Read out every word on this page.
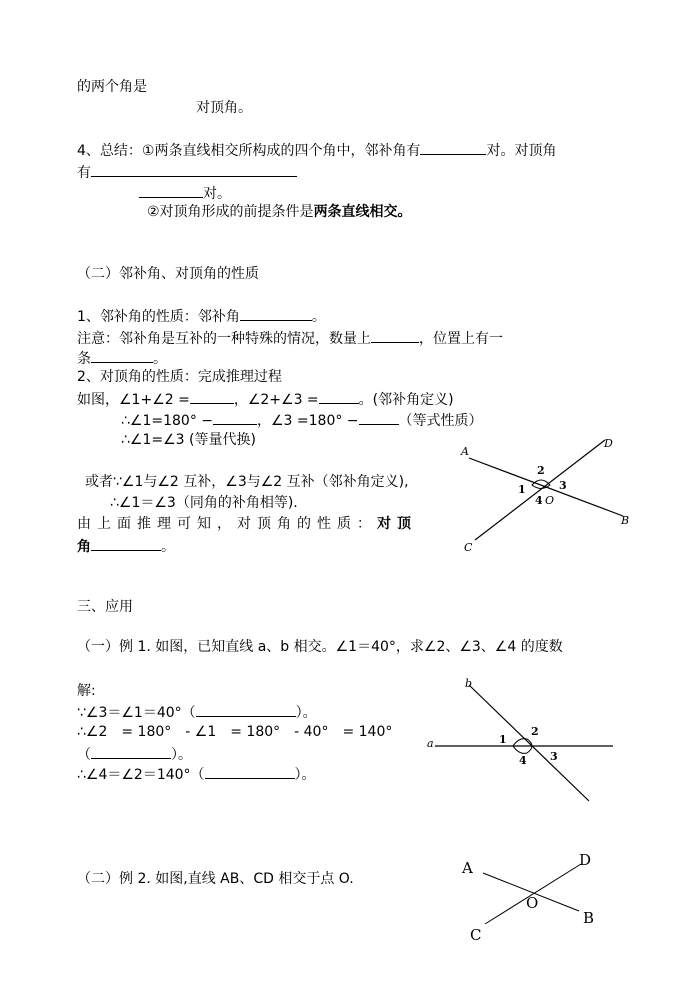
的两个角是
对顶角。
4、总结：①两条直线相交所构成的四个角中，邻补角有	对。对顶角
有
对。
②对顶角形成的前提条件是两条直线相交。
（二）邻补角、对顶角的性质
1、邻补角的性质：邻补角	。
注意：邻补角是互补的一种特殊的情况，数量上	，位置上有一
条	。
2、对顶角的性质：完成推理过程
如图，∠1+∠2 =	，∠2+∠3 =	。(邻补角定义)
∴∠1=180° −	，∠3 =180° −	（等式性质）
∴∠1=∠3 (等量代换)
或者∵∠1与∠2 互补，∠3与∠2 互补（邻补角定义),
∴∠1＝∠3（同角的补角相等).
由上面推理可知，对顶角的性质：对顶
角	。
A
D
B
C
O
1
2
3
4
三、应用
（一）例 1. 如图，已知直线 a、b 相交。∠1＝40°，求∠2、∠3、∠4 的度数
解:
∵∠3＝∠1＝40°（	）。
∴∠2　= 180°　- ∠1　= 180°　- 40°　= 140°
（	）。
∴∠4＝∠2＝140°（	）。
a
b
1
2
3
4
（二）例 2. 如图,直线 AB、CD 相交于点 O.
A	D
B
C
O
